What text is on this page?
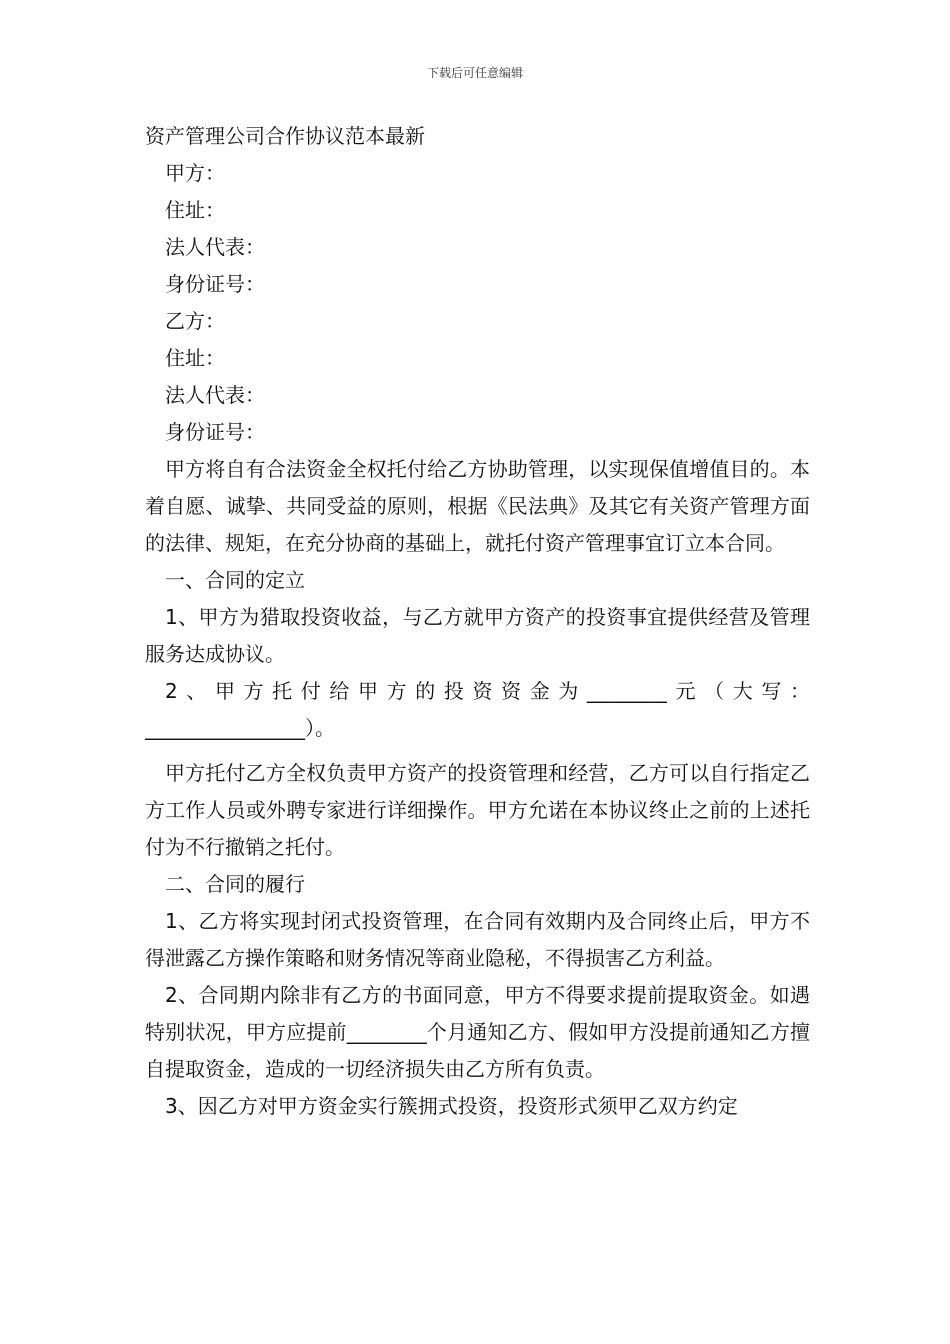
下载后可任意编辑

资产管理公司合作协议范本最新

甲方：

住址：

法人代表：

身份证号：

乙方：

住址：

法人代表：

身份证号：

甲方将自有合法资金全权托付给乙方协助管理，以实现保值增值目的。本着自愿、诚挚、共同受益的原则，根据《民法典》及其它有关资产管理方面的法律、规矩，在充分协商的基础上，就托付资产管理事宜订立本合同。

一、合同的定立

1、甲方为猎取投资收益，与乙方就甲方资产的投资事宜提供经营及管理服务达成协议。

2、甲方托付给甲方的投资资金为________元（大写：________________）。

甲方托付乙方全权负责甲方资产的投资管理和经营，乙方可以自行指定乙方工作人员或外聘专家进行详细操作。甲方允诺在本协议终止之前的上述托付为不行撤销之托付。

二、合同的履行

1、乙方将实现封闭式投资管理，在合同有效期内及合同终止后，甲方不得泄露乙方操作策略和财务情况等商业隐秘，不得损害乙方利益。

2、合同期内除非有乙方的书面同意，甲方不得要求提前提取资金。如遇特别状况，甲方应提前________个月通知乙方、假如甲方没提前通知乙方擅自提取资金，造成的一切经济损失由乙方所有负责。

3、因乙方对甲方资金实行簇拥式投资，投资形式须甲乙双方约定
